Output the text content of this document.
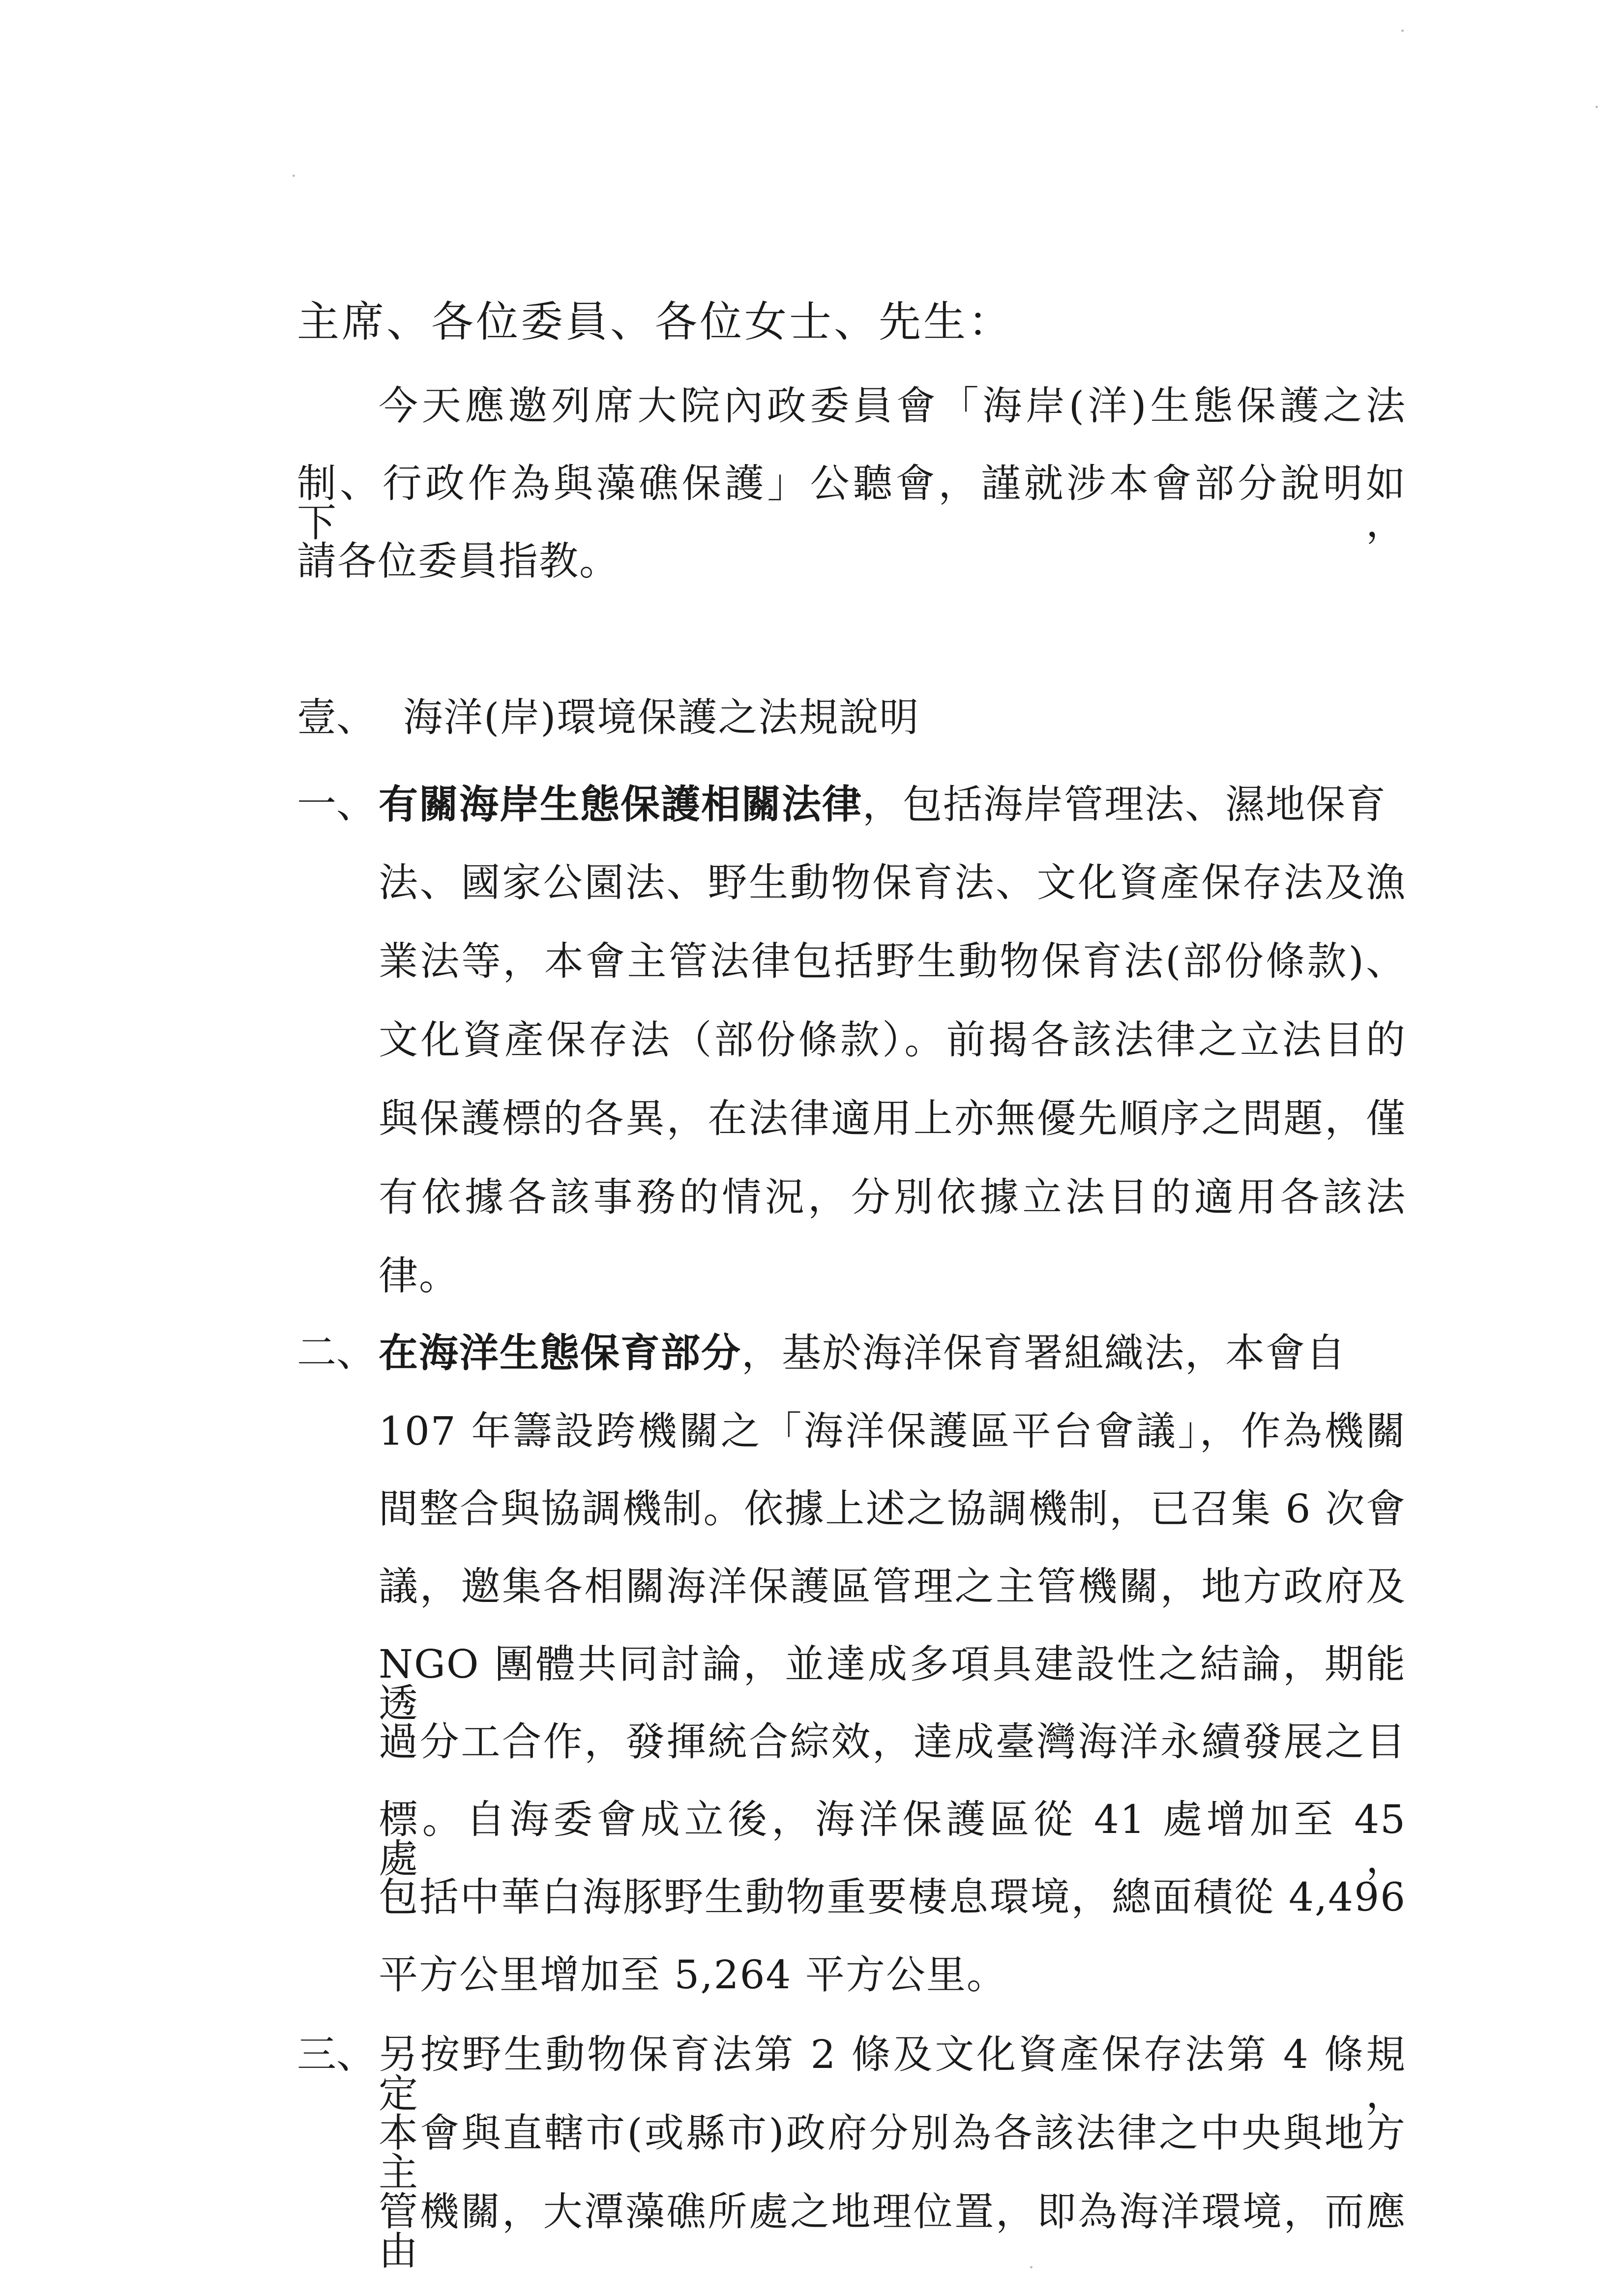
主席、各位委員、各位女士、先生：
今天應邀列席大院內政委員會「海岸(洋)生態保護之法
制、行政作為與藻礁保護」公聽會，謹就涉本會部分說明如下，
請各位委員指教。
壹、 海洋(岸)環境保護之法規說明
一、 有關海岸生態保護相關法律，包括海岸管理法、濕地保育
法、國家公園法、野生動物保育法、文化資產保存法及漁
業法等，本會主管法律包括野生動物保育法(部份條款)、
文化資產保存法（部份條款）。前揭各該法律之立法目的
與保護標的各異，在法律適用上亦無優先順序之問題，僅
有依據各該事務的情況，分別依據立法目的適用各該法
律。
二、 在海洋生態保育部分，基於海洋保育署組織法，本會自
107 年籌設跨機關之「海洋保護區平台會議」，作為機關
間整合與協調機制。依據上述之協調機制，已召集 6 次會
議，邀集各相關海洋保護區管理之主管機關，地方政府及
NGO 團體共同討論，並達成多項具建設性之結論，期能透
過分工合作，發揮統合綜效，達成臺灣海洋永續發展之目
標。自海委會成立後，海洋保護區從 41 處增加至 45 處，
包括中華白海豚野生動物重要棲息環境，總面積從 4,496
平方公里增加至 5,264 平方公里。
三、 另按野生動物保育法第 2 條及文化資產保存法第 4 條規定，
本會與直轄市(或縣市)政府分別為各該法律之中央與地方主
管機關，大潭藻礁所處之地理位置，即為海洋環境，而應由
